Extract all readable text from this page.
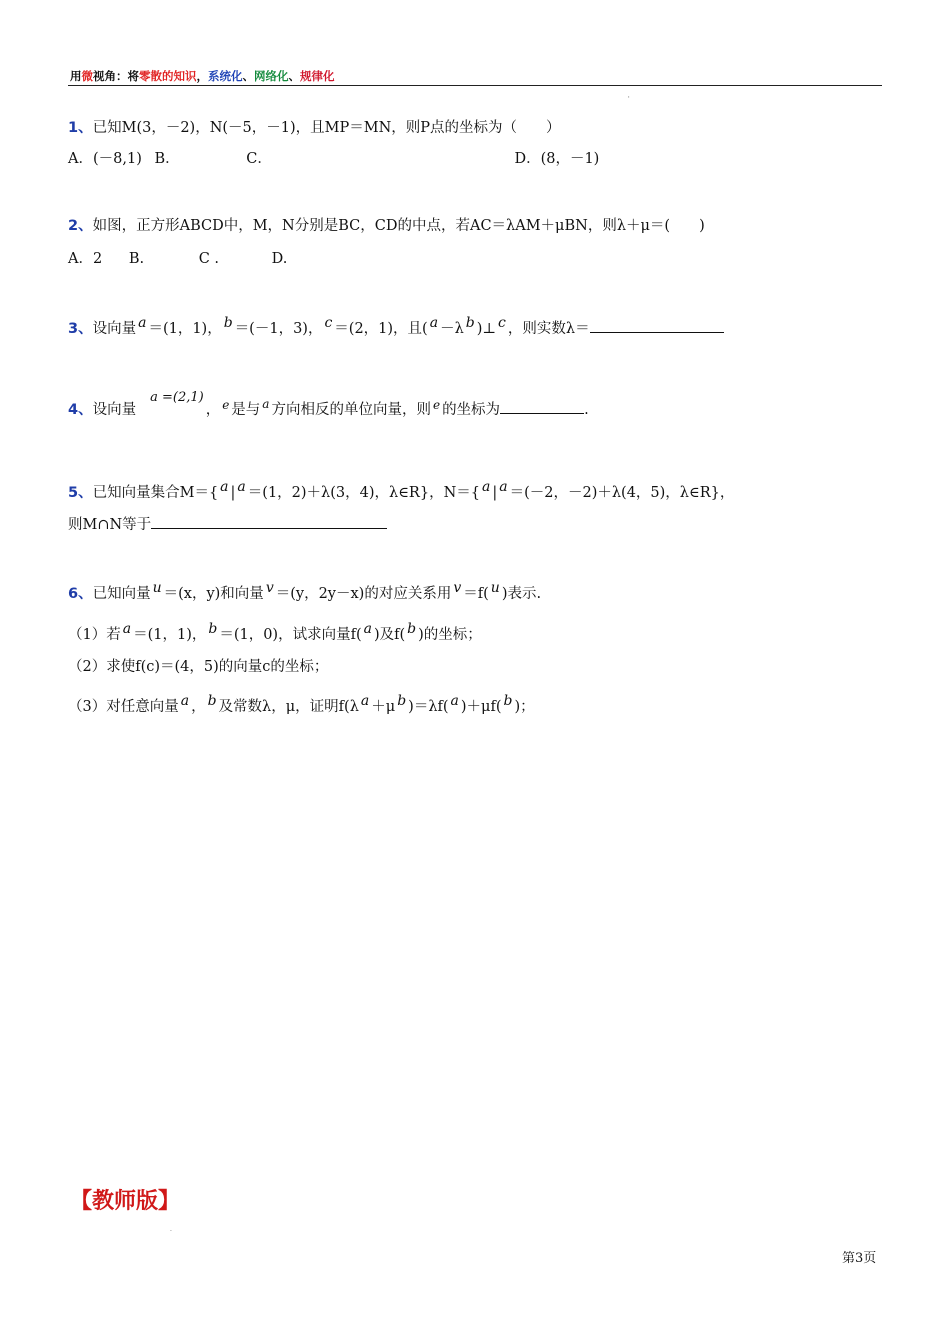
用微视角：将零散的知识，系统化、网络化、规律化
'
1、已知M(3，－2)，N(－5，－1)，且MP＝MN，则P点的坐标为（　　）
A．(－8,1) B．	C．	D．(8，－1)
2、如图，正方形ABCD中，M，N分别是BC，CD的中点，若AC＝λAM＋μBN，则λ＋μ＝(　　)
A．2 B.	C .	D.
3、设向量 a ＝(1，1)， b ＝(－1，3)， c ＝(2，1)，且( a －λ b )⊥ c ，则实数λ＝
4、设向量a =(2,1)， e 是与 a 方向相反的单位向量，则 e 的坐标为	.
5、已知向量集合M＝{ a | a ＝(1，2)＋λ(3，4)，λ∈R}，N＝{ a | a ＝(－2，－2)＋λ(4，5)，λ∈R}，
则M∩N等于
6、已知向量 u ＝(x，y)和向量 v ＝(y，2y－x)的对应关系用 v ＝f( u )表示.
（1）若 a ＝(1，1)， b ＝(1，0)，试求向量f( a )及f( b )的坐标；
（2）求使f(c)＝(4，5)的向量c的坐标；
（3）对任意向量 a ， b 及常数λ，μ，证明f(λ a ＋μ b )＝λf( a )＋μf( b )；
【教师版】
.
第3页
